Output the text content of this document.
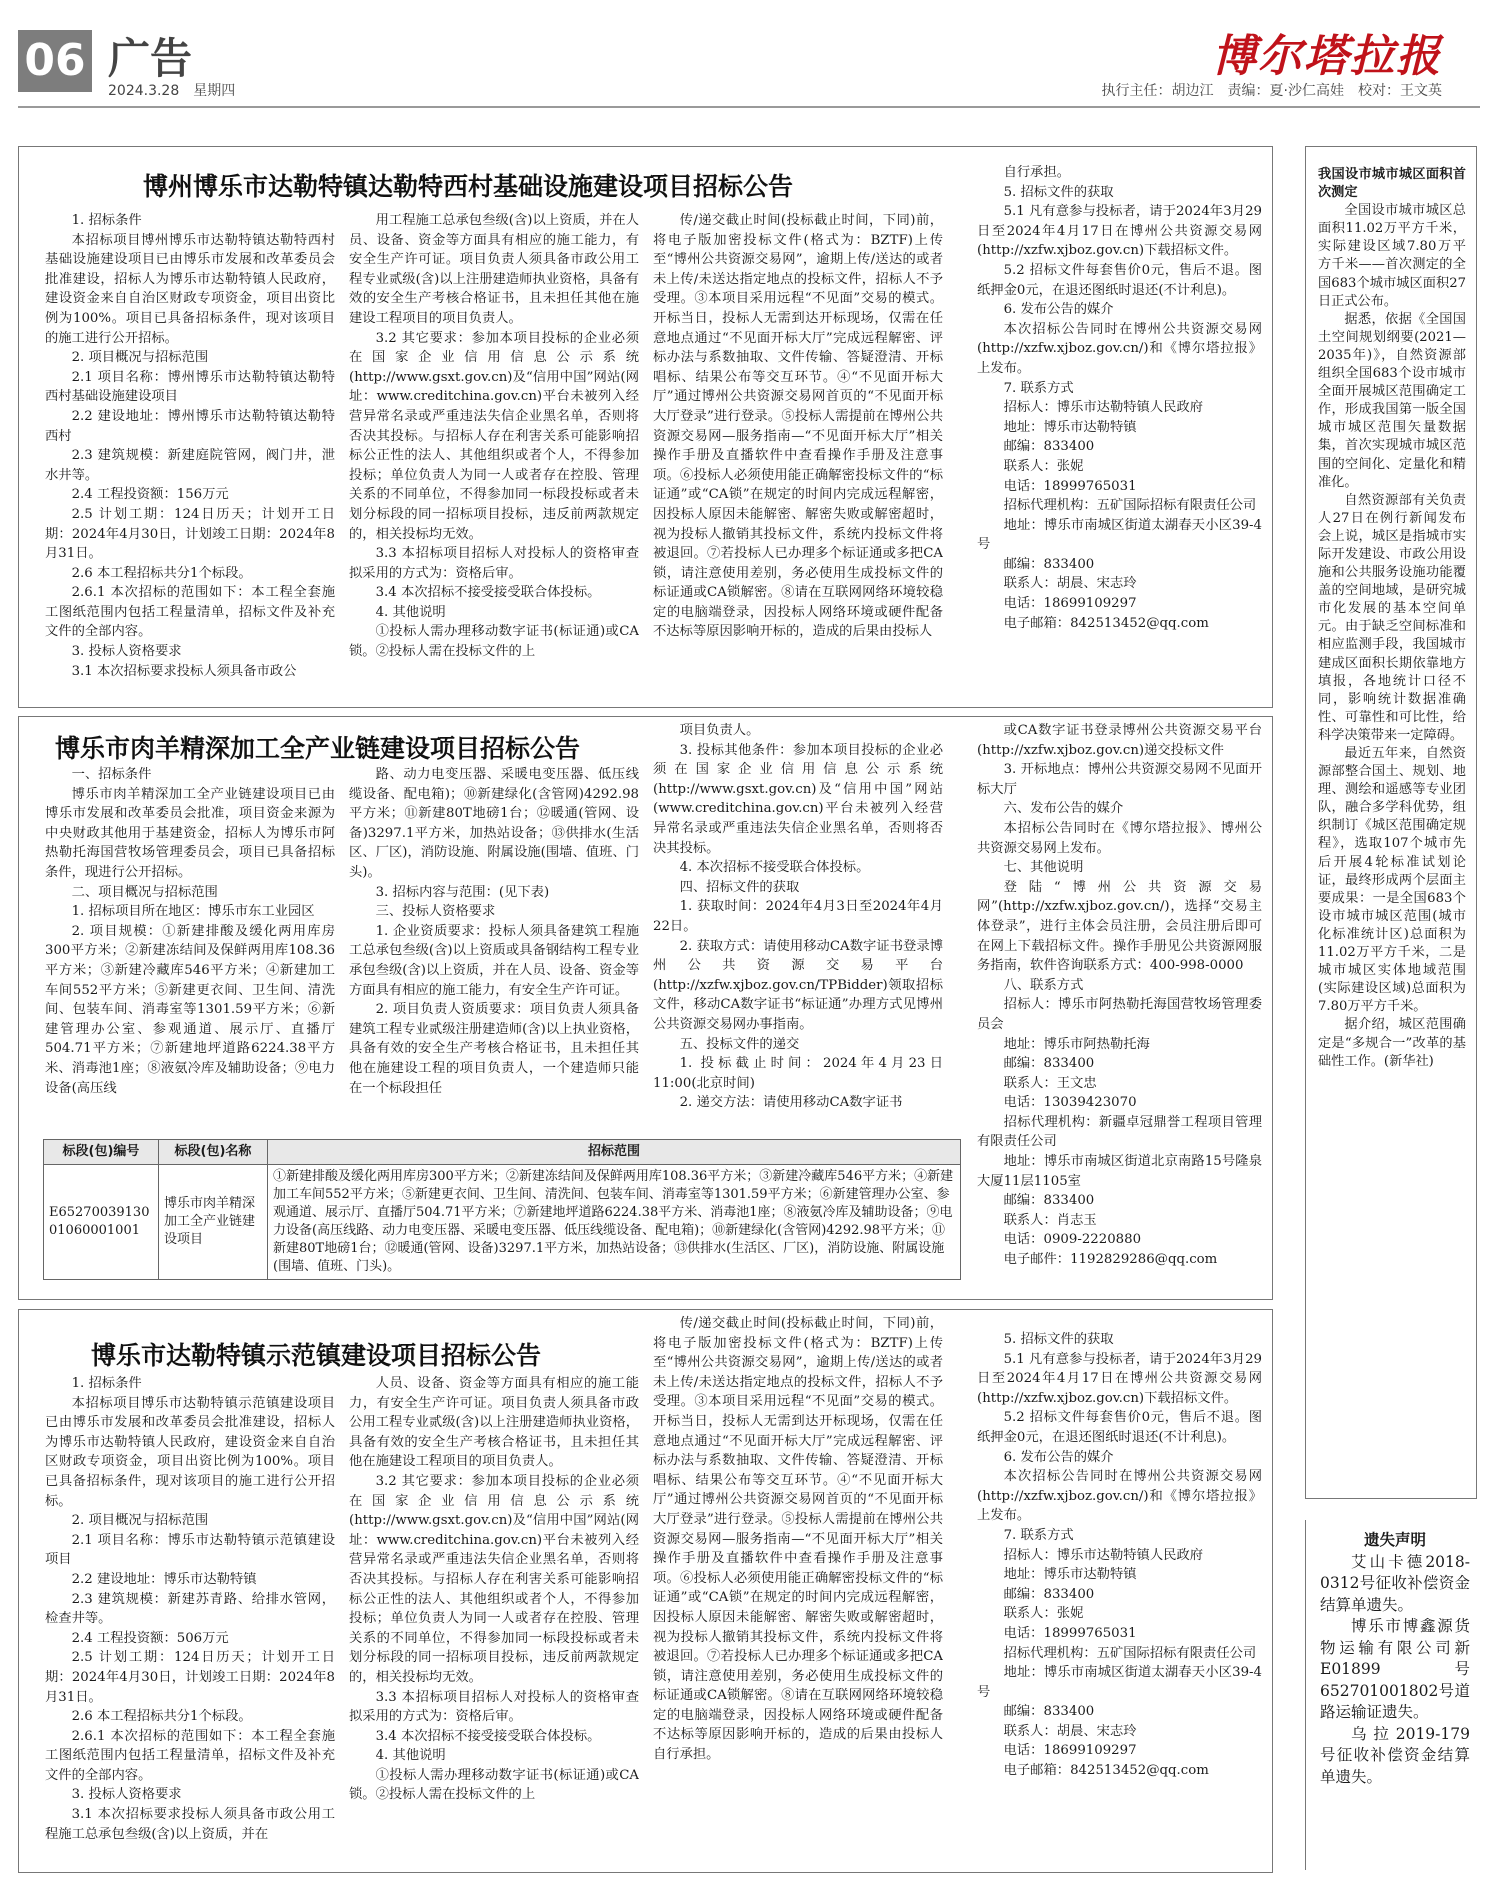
06 广告
2024.3.28　星期四
博尔塔拉报
执行主任：胡边江　责编：夏·沙仁高娃　校对：王文英
博州博乐市达勒特镇达勒特西村基础设施建设项目招标公告

1. 招标条件

本招标项目博州博乐市达勒特镇达勒特西村基础设施建设项目已由博乐市发展和改革委员会批准建设，招标人为博乐市达勒特镇人民政府，建设资金来自自治区财政专项资金，项目出资比例为100%。项目已具备招标条件，现对该项目的施工进行公开招标。

2. 项目概况与招标范围

2.1 项目名称：博州博乐市达勒特镇达勒特西村基础设施建设项目

2.2 建设地址：博州博乐市达勒特镇达勒特西村

2.3 建筑规模：新建庭院管网，阀门井，泄水井等。

2.4 工程投资额：156万元

2.5 计划工期：124日历天；计划开工日期：2024年4月30日，计划竣工日期：2024年8月31日。

2.6 本工程招标共分1个标段。

2.6.1 本次招标的范围如下：本工程全套施工图纸范围内包括工程量清单，招标文件及补充文件的全部内容。

3. 投标人资格要求

3.1 本次招标要求投标人须具备市政公

用工程施工总承包叁级(含)以上资质，并在人员、设备、资金等方面具有相应的施工能力，有安全生产许可证。项目负责人须具备市政公用工程专业贰级(含)以上注册建造师执业资格，具备有效的安全生产考核合格证书，且未担任其他在施建设工程项目的项目负责人。

3.2 其它要求：参加本项目投标的企业必须在国家企业信用信息公示系统(http://www.gsxt.gov.cn)及“信用中国”网站(网址：www.creditchina.gov.cn)平台未被列入经营异常名录或严重违法失信企业黑名单，否则将否决其投标。与招标人存在利害关系可能影响招标公正性的法人、其他组织或者个人，不得参加投标；单位负责人为同一人或者存在控股、管理关系的不同单位，不得参加同一标段投标或者未划分标段的同一招标项目投标，违反前两款规定的，相关投标均无效。

3.3 本招标项目招标人对投标人的资格审查拟采用的方式为：资格后审。

3.4 本次招标不接受接受联合体投标。

4. 其他说明

①投标人需办理移动数字证书(标证通)或CA锁。②投标人需在投标文件的上

传/递交截止时间(投标截止时间，下同)前，将电子版加密投标文件(格式为：BZTF)上传至“博州公共资源交易网”，逾期上传/送达的或者未上传/未送达指定地点的投标文件，招标人不予受理。③本项目采用远程“不见面”交易的模式。开标当日，投标人无需到达开标现场，仅需在任意地点通过“不见面开标大厅”完成远程解密、评标办法与系数抽取、文件传输、答疑澄清、开标唱标、结果公布等交互环节。④“不见面开标大厅”通过博州公共资源交易网首页的“不见面开标大厅登录”进行登录。⑤投标人需提前在博州公共资源交易网—服务指南—“不见面开标大厅”相关操作手册及直播软件中查看操作手册及注意事项。⑥投标人必须使用能正确解密投标文件的“标证通”或“CA锁”在规定的时间内完成远程解密，因投标人原因未能解密、解密失败或解密超时，视为投标人撤销其投标文件，系统内投标文件将被退回。⑦若投标人已办理多个标证通或多把CA锁，请注意使用差别，务必使用生成投标文件的标证通或CA锁解密。⑧请在互联网网络环境较稳定的电脑端登录，因投标人网络环境或硬件配备不达标等原因影响开标的，造成的后果由投标人

自行承担。

5. 招标文件的获取

5.1 凡有意参与投标者，请于2024年3月29日至2024年4月17日在博州公共资源交易网(http://xzfw.xjboz.gov.cn)下载招标文件。

5.2 招标文件每套售价0元，售后不退。图纸押金0元，在退还图纸时退还(不计利息)。

6. 发布公告的媒介

本次招标公告同时在博州公共资源交易网(http://xzfw.xjboz.gov.cn/)和《博尔塔拉报》上发布。

7. 联系方式

招标人：博乐市达勒特镇人民政府

地址：博乐市达勒特镇

邮编：833400

联系人：张妮

电话：18999765031

招标代理机构：五矿国际招标有限责任公司

地址：博乐市南城区街道太湖春天小区39-4号

邮编：833400

联系人：胡晨、宋志玲

电话：18699109297

电子邮箱：842513452@qq.com

博乐市肉羊精深加工全产业链建设项目招标公告

一、招标条件

博乐市肉羊精深加工全产业链建设项目已由博乐市发展和改革委员会批准，项目资金来源为中央财政其他用于基建资金，招标人为博乐市阿热勒托海国营牧场管理委员会，项目已具备招标条件，现进行公开招标。

二、项目概况与招标范围

1. 招标项目所在地区：博乐市东工业园区

2. 项目规模：①新建排酸及缓化两用库房300平方米；②新建冻结间及保鲜两用库108.36平方米；③新建冷藏库546平方米；④新建加工车间552平方米；⑤新建更衣间、卫生间、清洗间、包装车间、消毒室等1301.59平方米；⑥新建管理办公室、参观通道、展示厅、直播厅504.71平方米；⑦新建地坪道路6224.38平方米、消毒池1座；⑧液氨冷库及辅助设备；⑨电力设备(高压线

路、动力电变压器、采暖电变压器、低压线缆设备、配电箱)；⑩新建绿化(含管网)4292.98平方米；⑪新建80T地磅1台；⑫暖通(管网、设备)3297.1平方米，加热站设备；⑬供排水(生活区、厂区)，消防设施、附属设施(围墙、值班、门头)。

3. 招标内容与范围：(见下表)

三、投标人资格要求

1. 企业资质要求：投标人须具备建筑工程施工总承包叁级(含)以上资质或具备钢结构工程专业承包叁级(含)以上资质，并在人员、设备、资金等方面具有相应的施工能力，有安全生产许可证。

2. 项目负责人资质要求：项目负责人须具备建筑工程专业贰级注册建造师(含)以上执业资格，具备有效的安全生产考核合格证书，且未担任其他在施建设工程的项目负责人，一个建造师只能在一个标段担任

项目负责人。

3. 投标其他条件：参加本项目投标的企业必须在国家企业信用信息公示系统(http://www.gsxt.gov.cn)及“信用中国”网站(www.creditchina.gov.cn)平台未被列入经营异常名录或严重违法失信企业黑名单，否则将否决其投标。

4. 本次招标不接受联合体投标。

四、招标文件的获取

1. 获取时间：2024年4月3日至2024年4月22日。

2. 获取方式：请使用移动CA数字证书登录博州公共资源交易平台(http://xzfw.xjboz.gov.cn/TPBidder)领取招标文件，移动CA数字证书“标证通”办理方式见博州公共资源交易网办事指南。

五、投标文件的递交

1. 投标截止时间：2024年4月23日11:00(北京时间)

2. 递交方法：请使用移动CA数字证书

或CA数字证书登录博州公共资源交易平台(http://xzfw.xjboz.gov.cn)递交投标文件

3. 开标地点：博州公共资源交易网不见面开标大厅

六、发布公告的媒介

本招标公告同时在《博尔塔拉报》、博州公共资源交易网上发布。

七、其他说明

登陆“博州公共资源交易网”(http://xzfw.xjboz.gov.cn/)，选择“交易主体登录”，进行主体会员注册，会员注册后即可在网上下载招标文件。操作手册见公共资源网服务指南，软件咨询联系方式：400-998-0000

八、联系方式

招标人：博乐市阿热勒托海国营牧场管理委员会

地址：博乐市阿热勒托海

邮编：833400

联系人：王文忠

电话：13039423070

招标代理机构：新疆卓冠鼎誉工程项目管理有限责任公司

地址：博乐市南城区街道北京南路15号隆泉大厦11层1105室

邮编：833400

联系人：肖志玉

电话：0909-2220880

电子邮件：1192829286@qq.com

标段(包)编号	标段(包)名称	招标范围
E6527003913001060001001	博乐市肉羊精深加工全产业链建设项目	①新建排酸及缓化两用库房300平方米；②新建冻结间及保鲜两用库108.36平方米；③新建冷藏库546平方米；④新建加工车间552平方米；⑤新建更衣间、卫生间、清洗间、包装车间、消毒室等1301.59平方米；⑥新建管理办公室、参观通道、展示厅、直播厅504.71平方米；⑦新建地坪道路6224.38平方米、消毒池1座；⑧液氨冷库及辅助设备；⑨电力设备(高压线路、动力电变压器、采暖电变压器、低压线缆设备、配电箱)；⑩新建绿化(含管网)4292.98平方米；⑪新建80T地磅1台；⑫暖通(管网、设备)3297.1平方米，加热站设备；⑬供排水(生活区、厂区)，消防设施、附属设施(围墙、值班、门头)。
博乐市达勒特镇示范镇建设项目招标公告

1. 招标条件

本招标项目博乐市达勒特镇示范镇建设项目已由博乐市发展和改革委员会批准建设，招标人为博乐市达勒特镇人民政府，建设资金来自自治区财政专项资金，项目出资比例为100%。项目已具备招标条件，现对该项目的施工进行公开招标。

2. 项目概况与招标范围

2.1 项目名称：博乐市达勒特镇示范镇建设项目

2.2 建设地址：博乐市达勒特镇

2.3 建筑规模：新建苏青路、给排水管网，检查井等。

2.4 工程投资额：506万元

2.5 计划工期：124日历天；计划开工日期：2024年4月30日，计划竣工日期：2024年8月31日。

2.6 本工程招标共分1个标段。

2.6.1 本次招标的范围如下：本工程全套施工图纸范围内包括工程量清单，招标文件及补充文件的全部内容。

3. 投标人资格要求

3.1 本次招标要求投标人须具备市政公用工程施工总承包叁级(含)以上资质，并在

人员、设备、资金等方面具有相应的施工能力，有安全生产许可证。项目负责人须具备市政公用工程专业贰级(含)以上注册建造师执业资格，具备有效的安全生产考核合格证书，且未担任其他在施建设工程项目的项目负责人。

3.2 其它要求：参加本项目投标的企业必须在国家企业信用信息公示系统(http://www.gsxt.gov.cn)及“信用中国”网站(网址：www.creditchina.gov.cn)平台未被列入经营异常名录或严重违法失信企业黑名单，否则将否决其投标。与招标人存在利害关系可能影响招标公正性的法人、其他组织或者个人，不得参加投标；单位负责人为同一人或者存在控股、管理关系的不同单位，不得参加同一标段投标或者未划分标段的同一招标项目投标，违反前两款规定的，相关投标均无效。

3.3 本招标项目招标人对投标人的资格审查拟采用的方式为：资格后审。

3.4 本次招标不接受接受联合体投标。

4. 其他说明

①投标人需办理移动数字证书(标证通)或CA锁。②投标人需在投标文件的上

传/递交截止时间(投标截止时间，下同)前，将电子版加密投标文件(格式为：BZTF)上传至“博州公共资源交易网”，逾期上传/送达的或者未上传/未送达指定地点的投标文件，招标人不予受理。③本项目采用远程“不见面”交易的模式。开标当日，投标人无需到达开标现场，仅需在任意地点通过“不见面开标大厅”完成远程解密、评标办法与系数抽取、文件传输、答疑澄清、开标唱标、结果公布等交互环节。④“不见面开标大厅”通过博州公共资源交易网首页的“不见面开标大厅登录”进行登录。⑤投标人需提前在博州公共资源交易网—服务指南—“不见面开标大厅”相关操作手册及直播软件中查看操作手册及注意事项。⑥投标人必须使用能正确解密投标文件的“标证通”或“CA锁”在规定的时间内完成远程解密，因投标人原因未能解密、解密失败或解密超时，视为投标人撤销其投标文件，系统内投标文件将被退回。⑦若投标人已办理多个标证通或多把CA锁，请注意使用差别，务必使用生成投标文件的标证通或CA锁解密。⑧请在互联网网络环境较稳定的电脑端登录，因投标人网络环境或硬件配备不达标等原因影响开标的，造成的后果由投标人自行承担。

5. 招标文件的获取

5.1 凡有意参与投标者，请于2024年3月29日至2024年4月17日在博州公共资源交易网(http://xzfw.xjboz.gov.cn)下载招标文件。

5.2 招标文件每套售价0元，售后不退。图纸押金0元，在退还图纸时退还(不计利息)。

6. 发布公告的媒介

本次招标公告同时在博州公共资源交易网(http://xzfw.xjboz.gov.cn/)和《博尔塔拉报》上发布。

7. 联系方式

招标人：博乐市达勒特镇人民政府

地址：博乐市达勒特镇

邮编：833400

联系人：张妮

电话：18999765031

招标代理机构：五矿国际招标有限责任公司

地址：博乐市南城区街道太湖春天小区39-4号

邮编：833400

联系人：胡晨、宋志玲

电话：18699109297

电子邮箱：842513452@qq.com

我国设市城市城区面积首次测定

全国设市城市城区总面积11.02万平方千米，实际建设区域7.80万平方千米——首次测定的全国683个城市城区面积27日正式公布。

据悉，依据《全国国土空间规划纲要(2021—2035年)》，自然资源部组织全国683个设市城市全面开展城区范围确定工作，形成我国第一版全国城市城区范围矢量数据集，首次实现城市城区范围的空间化、定量化和精准化。

自然资源部有关负责人27日在例行新闻发布会上说，城区是指城市实际开发建设、市政公用设施和公共服务设施功能覆盖的空间地域，是研究城市化发展的基本空间单元。由于缺乏空间标准和相应监测手段，我国城市建成区面积长期依靠地方填报，各地统计口径不同，影响统计数据准确性、可靠性和可比性，给科学决策带来一定障碍。

最近五年来，自然资源部整合国土、规划、地理、测绘和遥感等专业团队，融合多学科优势，组织制订《城区范围确定规程》，选取107个城市先后开展4轮标准试划论证，最终形成两个层面主要成果：一是全国683个设市城市城区范围(城市化标准统计区)总面积为11.02万平方千米，二是城市城区实体地域范围(实际建设区域)总面积为7.80万平方千米。

据介绍，城区范围确定是“多规合一”改革的基础性工作。(新华社)

遗失声明

艾山卡德2018-0312号征收补偿资金结算单遗失。

博乐市博鑫源货物运输有限公司新E01899号652701001802号道路运输证遗失。

乌拉2019-179号征收补偿资金结算单遗失。
